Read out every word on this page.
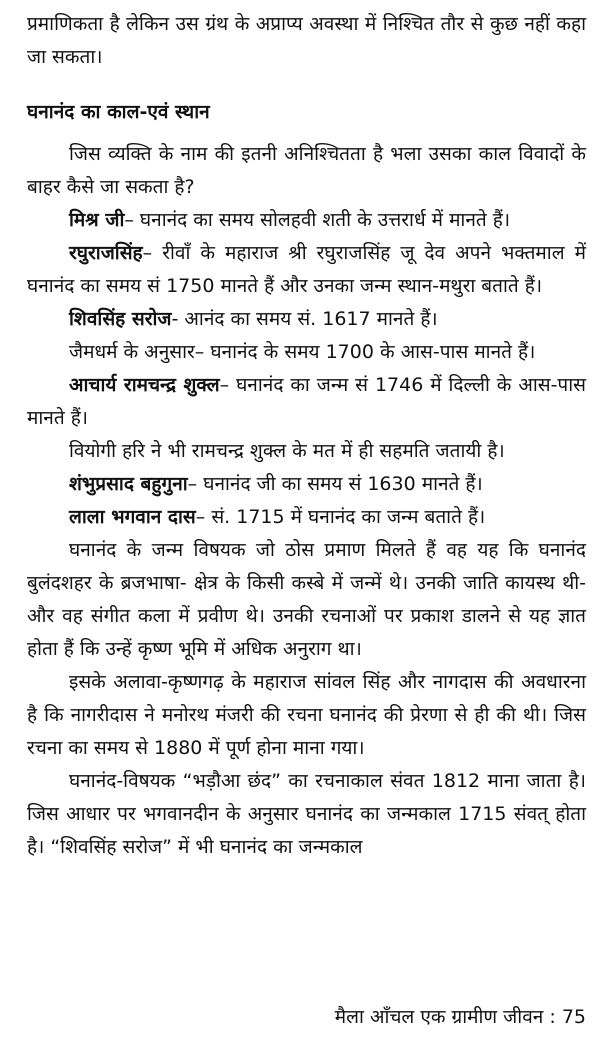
प्रमाणिकता है लेकिन उस ग्रंथ के अप्राप्य अवस्था में निश्चित तौर से कुछ नहीं कहा जा सकता।

घनानंद का काल-एवं स्थान

जिस व्यक्ति के नाम की इतनी अनिश्चितता है भला उसका काल विवादों के बाहर कैसे जा सकता है?

मिश्र जी– घनानंद का समय सोलहवी शती के उत्तरार्ध में मानते हैं।

रघुराजसिंह– रीवाँ के महाराज श्री रघुराजसिंह जू देव अपने भक्तमाल में घनानंद का समय सं 1750 मानते हैं और उनका जन्म स्थान-मथुरा बताते हैं।

शिवसिंह सरोज- आनंद का समय सं. 1617 मानते हैं।

जैमधर्म के अनुसार– घनानंद के समय 1700 के आस-पास मानते हैं।

आचार्य रामचन्द्र शुक्ल– घनानंद का जन्म सं 1746 में दिल्ली के आस-पास मानते हैं।

वियोगी हरि ने भी रामचन्द्र शुक्ल के मत में ही सहमति जतायी है।

शंभुप्रसाद बहुगुना– घनानंद जी का समय सं 1630 मानते हैं।

लाला भगवान दास– सं. 1715 में घनानंद का जन्म बताते हैं।

घनानंद के जन्म विषयक जो ठोस प्रमाण मिलते हैं वह यह कि घनानंद बुलंदशहर के ब्रजभाषा- क्षेत्र के किसी कस्बे में जन्में थे। उनकी जाति कायस्थ थी- और वह संगीत कला में प्रवीण थे। उनकी रचनाओं पर प्रकाश डालने से यह ज्ञात होता हैं कि उन्हें कृष्ण भूमि में अधिक अनुराग था।

इसके अलावा-कृष्णगढ़ के महाराज सांवल सिंह और नागदास की अवधारना है कि नागरीदास ने मनोरथ मंजरी की रचना घनानंद की प्रेरणा से ही की थी। जिस रचना का समय से 1880 में पूर्ण होना माना गया।

घनानंद-विषयक “भड़ौआ छंद” का रचनाकाल संवत 1812 माना जाता है। जिस आधार पर भगवानदीन के अनुसार घनानंद का जन्मकाल 1715 संवत् होता है। “शिवसिंह सरोज” में भी घनानंद का जन्मकाल

मैला आँचल एक ग्रामीण जीवन : 75
